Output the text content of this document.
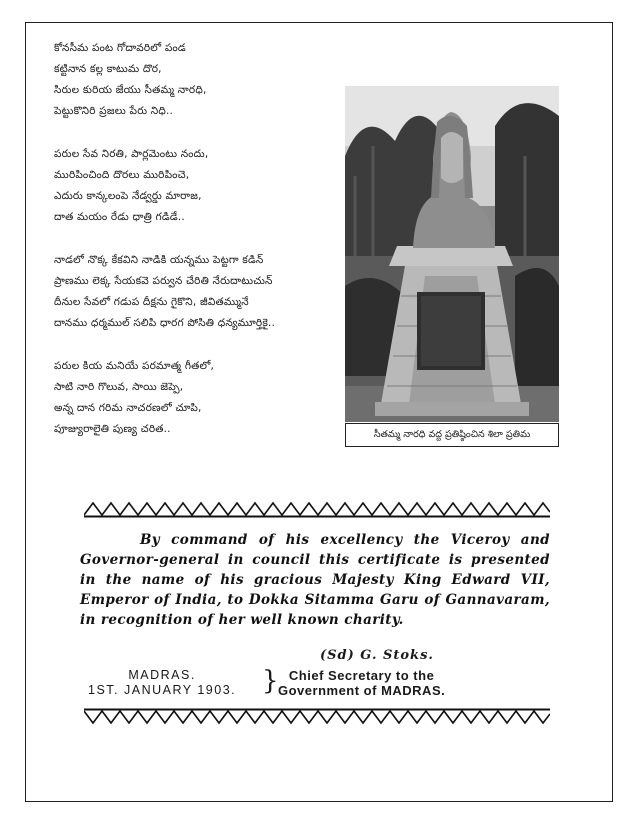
కోనసీమ పంట గోదావరిలో పండ

కట్టినాన కల్ల కాటుమ దొర,

సిరుల కురియ జేయు సీతమ్మ నారధి,

పెట్టుకొనిరి ప్రజలు పేరు నిధి..

పరుల సేవ నిరతి, పార్లమెంటు నందు,

మురిపించింది దొరలు మురిపించె,

ఎదురు కాన్కలంపె నేడ్వర్డు మారాజ,

దాత మయం రేడు ధాత్రి గడిడే..

నాడలో నొక్క కేకవిని నాడికి యన్నము పెట్టగా కడిన్

ప్రాణము లెక్క సేయకవె పర్వున చేరితి నేరుదాటుచున్

దీనుల సేవలో గడుప దీక్షను గైకొని, జీవితమ్మునే

దానము ధర్మముల్ సలిపి ధారగ పోసితి ధన్యమూర్తికై..

పరుల కియ మనియే పరమాత్మ గీతలో,

సాటి నారి గొలువ, సాయి జెప్పె,

అన్న దాన గరిమ నాచరణలో చూపి,

పూజ్యురాలైతి పుణ్య చరిత..	సీతమ్మ నారధి వద్ద ప్రతిష్ఠించిన శిలా ప్రతిమ

By command of his excellency the Viceroy and Governor-general in council this certificate is presented in the name of his gracious Majesty King Edward VII, Emperor of India, to Dokka Sitamma Garu of Gannavaram, in recognition of her well known charity.

(Sd) G. Stoks.
MADRAS.
1ST. JANUARY 1903. } Chief Secretary to the
Government of MADRAS.
